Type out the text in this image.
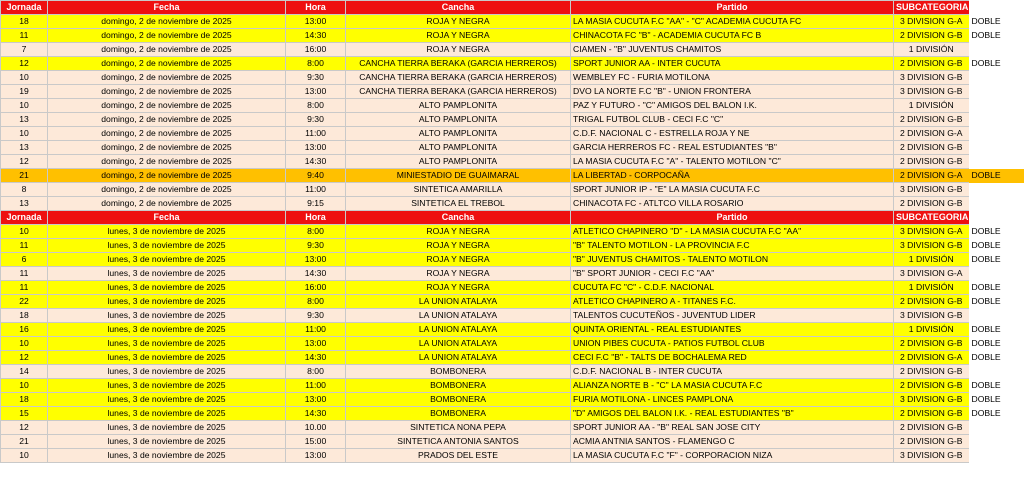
Jornada	Fecha	Hora	Cancha	Partido	SUBCATEGORIA	
18	domingo, 2 de noviembre de 2025	13:00	ROJA Y NEGRA	LA MASIA CUCUTA F.C "AA" - "C" ACADEMIA CUCUTA FC	3 DIVISION G-A	DOBLE
11	domingo, 2 de noviembre de 2025	14:30	ROJA Y NEGRA	CHINACOTA FC "B" - ACADEMIA CUCUTA FC B	2 DIVISION G-B	DOBLE
7	domingo, 2 de noviembre de 2025	16:00	ROJA Y NEGRA	CIAMEN - "B" JUVENTUS CHAMITOS	1 DIVISIÓN	
12	domingo, 2 de noviembre de 2025	8:00	CANCHA TIERRA BERAKA (GARCIA HERREROS)	SPORT JUNIOR AA - INTER CUCUTA	2 DIVISION G-B	DOBLE
10	domingo, 2 de noviembre de 2025	9:30	CANCHA TIERRA BERAKA (GARCIA HERREROS)	WEMBLEY FC - FURIA MOTILONA	3 DIVISION G-B	
19	domingo, 2 de noviembre de 2025	13:00	CANCHA TIERRA BERAKA (GARCIA HERREROS)	DVO LA NORTE F.C "B" - UNION FRONTERA	3 DIVISION G-B	
10	domingo, 2 de noviembre de 2025	8:00	ALTO PAMPLONITA	PAZ Y FUTURO - "C" AMIGOS DEL BALON I.K.	1 DIVISIÓN	
13	domingo, 2 de noviembre de 2025	9:30	ALTO PAMPLONITA	TRIGAL FUTBOL CLUB - CECI F.C "C"	2 DIVISION G-B	
10	domingo, 2 de noviembre de 2025	11:00	ALTO PAMPLONITA	C.D.F. NACIONAL C - ESTRELLA ROJA Y NE	2 DIVISION G-A	
13	domingo, 2 de noviembre de 2025	13:00	ALTO PAMPLONITA	GARCIA HERREROS FC - REAL ESTUDIANTES "B"	2 DIVISION G-B	
12	domingo, 2 de noviembre de 2025	14:30	ALTO PAMPLONITA	LA MASIA CUCUTA F.C "A" - TALENTO MOTILON "C"	2 DIVISION G-B	
21	domingo, 2 de noviembre de 2025	9:40	MINIESTADIO DE GUAIMARAL	LA LIBERTAD - CORPOCAÑA	2 DIVISION G-A	DOBLE
8	domingo, 2 de noviembre de 2025	11:00	SINTETICA AMARILLA	SPORT JUNIOR IP - "E" LA MASIA CUCUTA F.C	3 DIVISION G-B	
13	domingo, 2 de noviembre de 2025	9:15	SINTETICA EL TREBOL	CHINACOTA FC - ATLTCO VILLA ROSARIO	2 DIVISION G-B	
Jornada	Fecha	Hora	Cancha	Partido	SUBCATEGORIA	
10	lunes, 3 de noviembre de 2025	8:00	ROJA Y NEGRA	ATLETICO CHAPINERO "D" - LA MASIA CUCUTA F.C "AA"	3 DIVISION G-A	DOBLE
11	lunes, 3 de noviembre de 2025	9:30	ROJA Y NEGRA	"B" TALENTO MOTILON - LA PROVINCIA F.C	3 DIVISION G-B	DOBLE
6	lunes, 3 de noviembre de 2025	13:00	ROJA Y NEGRA	"B" JUVENTUS CHAMITOS - TALENTO MOTILON	1 DIVISIÓN	DOBLE
11	lunes, 3 de noviembre de 2025	14:30	ROJA Y NEGRA	"B" SPORT JUNIOR - CECI F.C "AA"	3 DIVISION G-A	
11	lunes, 3 de noviembre de 2025	16:00	ROJA Y NEGRA	CUCUTA FC "C" - C.D.F. NACIONAL	1 DIVISIÓN	DOBLE
22	lunes, 3 de noviembre de 2025	8:00	LA UNION ATALAYA	ATLETICO CHAPINERO A - TITANES F.C.	2 DIVISION G-B	DOBLE
18	lunes, 3 de noviembre de 2025	9:30	LA UNION ATALAYA	TALENTOS CUCUTEÑOS - JUVENTUD LIDER	3 DIVISION G-B	
16	lunes, 3 de noviembre de 2025	11:00	LA UNION ATALAYA	QUINTA ORIENTAL - REAL ESTUDIANTES	1 DIVISIÓN	DOBLE
10	lunes, 3 de noviembre de 2025	13:00	LA UNION ATALAYA	UNION PIBES CUCUTA - PATIOS FUTBOL CLUB	2 DIVISION G-B	DOBLE
12	lunes, 3 de noviembre de 2025	14:30	LA UNION ATALAYA	CECI F.C "B" - TALTS DE BOCHALEMA RED	2 DIVISION G-A	DOBLE
14	lunes, 3 de noviembre de 2025	8:00	BOMBONERA	C.D.F. NACIONAL B - INTER CUCUTA	2 DIVISION G-B	
10	lunes, 3 de noviembre de 2025	11:00	BOMBONERA	ALIANZA NORTE B - "C" LA MASIA CUCUTA F.C	2 DIVISION G-B	DOBLE
18	lunes, 3 de noviembre de 2025	13:00	BOMBONERA	FURIA MOTILONA - LINCES PAMPLONA	3 DIVISION G-B	DOBLE
15	lunes, 3 de noviembre de 2025	14:30	BOMBONERA	"D" AMIGOS DEL BALON I.K. - REAL ESTUDIANTES "B"	2 DIVISION G-B	DOBLE
12	lunes, 3 de noviembre de 2025	10.00	SINTETICA NONA PEPA	SPORT JUNIOR AA - "B" REAL SAN JOSE CITY	2 DIVISION G-B	
21	lunes, 3 de noviembre de 2025	15:00	SINTETICA ANTONIA SANTOS	ACMIA ANTNIA SANTOS - FLAMENGO C	2 DIVISION G-B	
10	lunes, 3 de noviembre de 2025	13:00	PRADOS DEL ESTE	LA MASIA CUCUTA F.C "F" - CORPORACION NIZA	3 DIVISION G-B	
